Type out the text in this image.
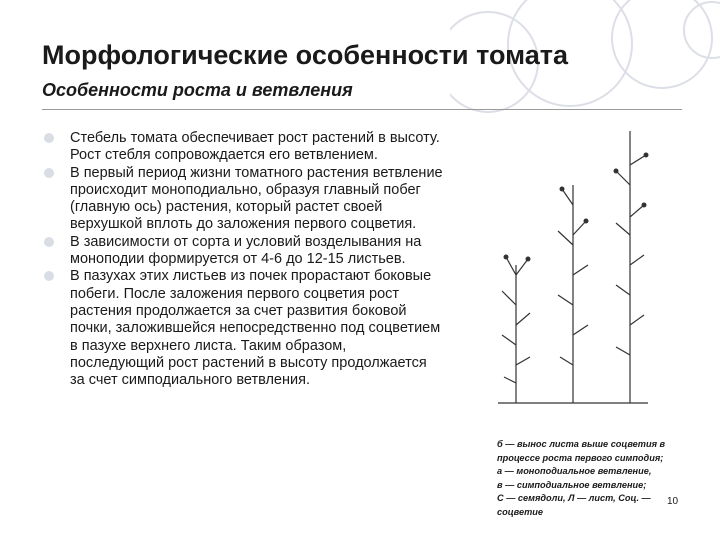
Морфологические особенности томата
Особенности роста и ветвления
Стебель томата обеспечивает рост растений в высоту. Рост стебля сопровождается его ветвлением.
В первый период жизни томатного растения ветвление происходит моноподиально, образуя главный побег (главную ось) растения, который растет своей верхушкой вплоть до заложения первого соцветия.
В зависимости от сорта и условий возделывания на моноподии формируется от 4-6 до 12-15 листьев.
В пазухах этих листьев из почек прорастают боковые побеги. После заложения первого соцветия рост растения продолжается за счет развития боковой почки, заложившейся непосредственно под соцветием в пазухе верхнего листа. Таким образом, последующий рост растений в высоту продолжается за счет симподиального ветвления.
б — вынос листа выше соцветия в
процессе роста первого симподия;
а — моноподиальное ветвление,
в — симподиальное ветвление;
С — семядоли, Л — лист, Соц. —
соцветие
10
